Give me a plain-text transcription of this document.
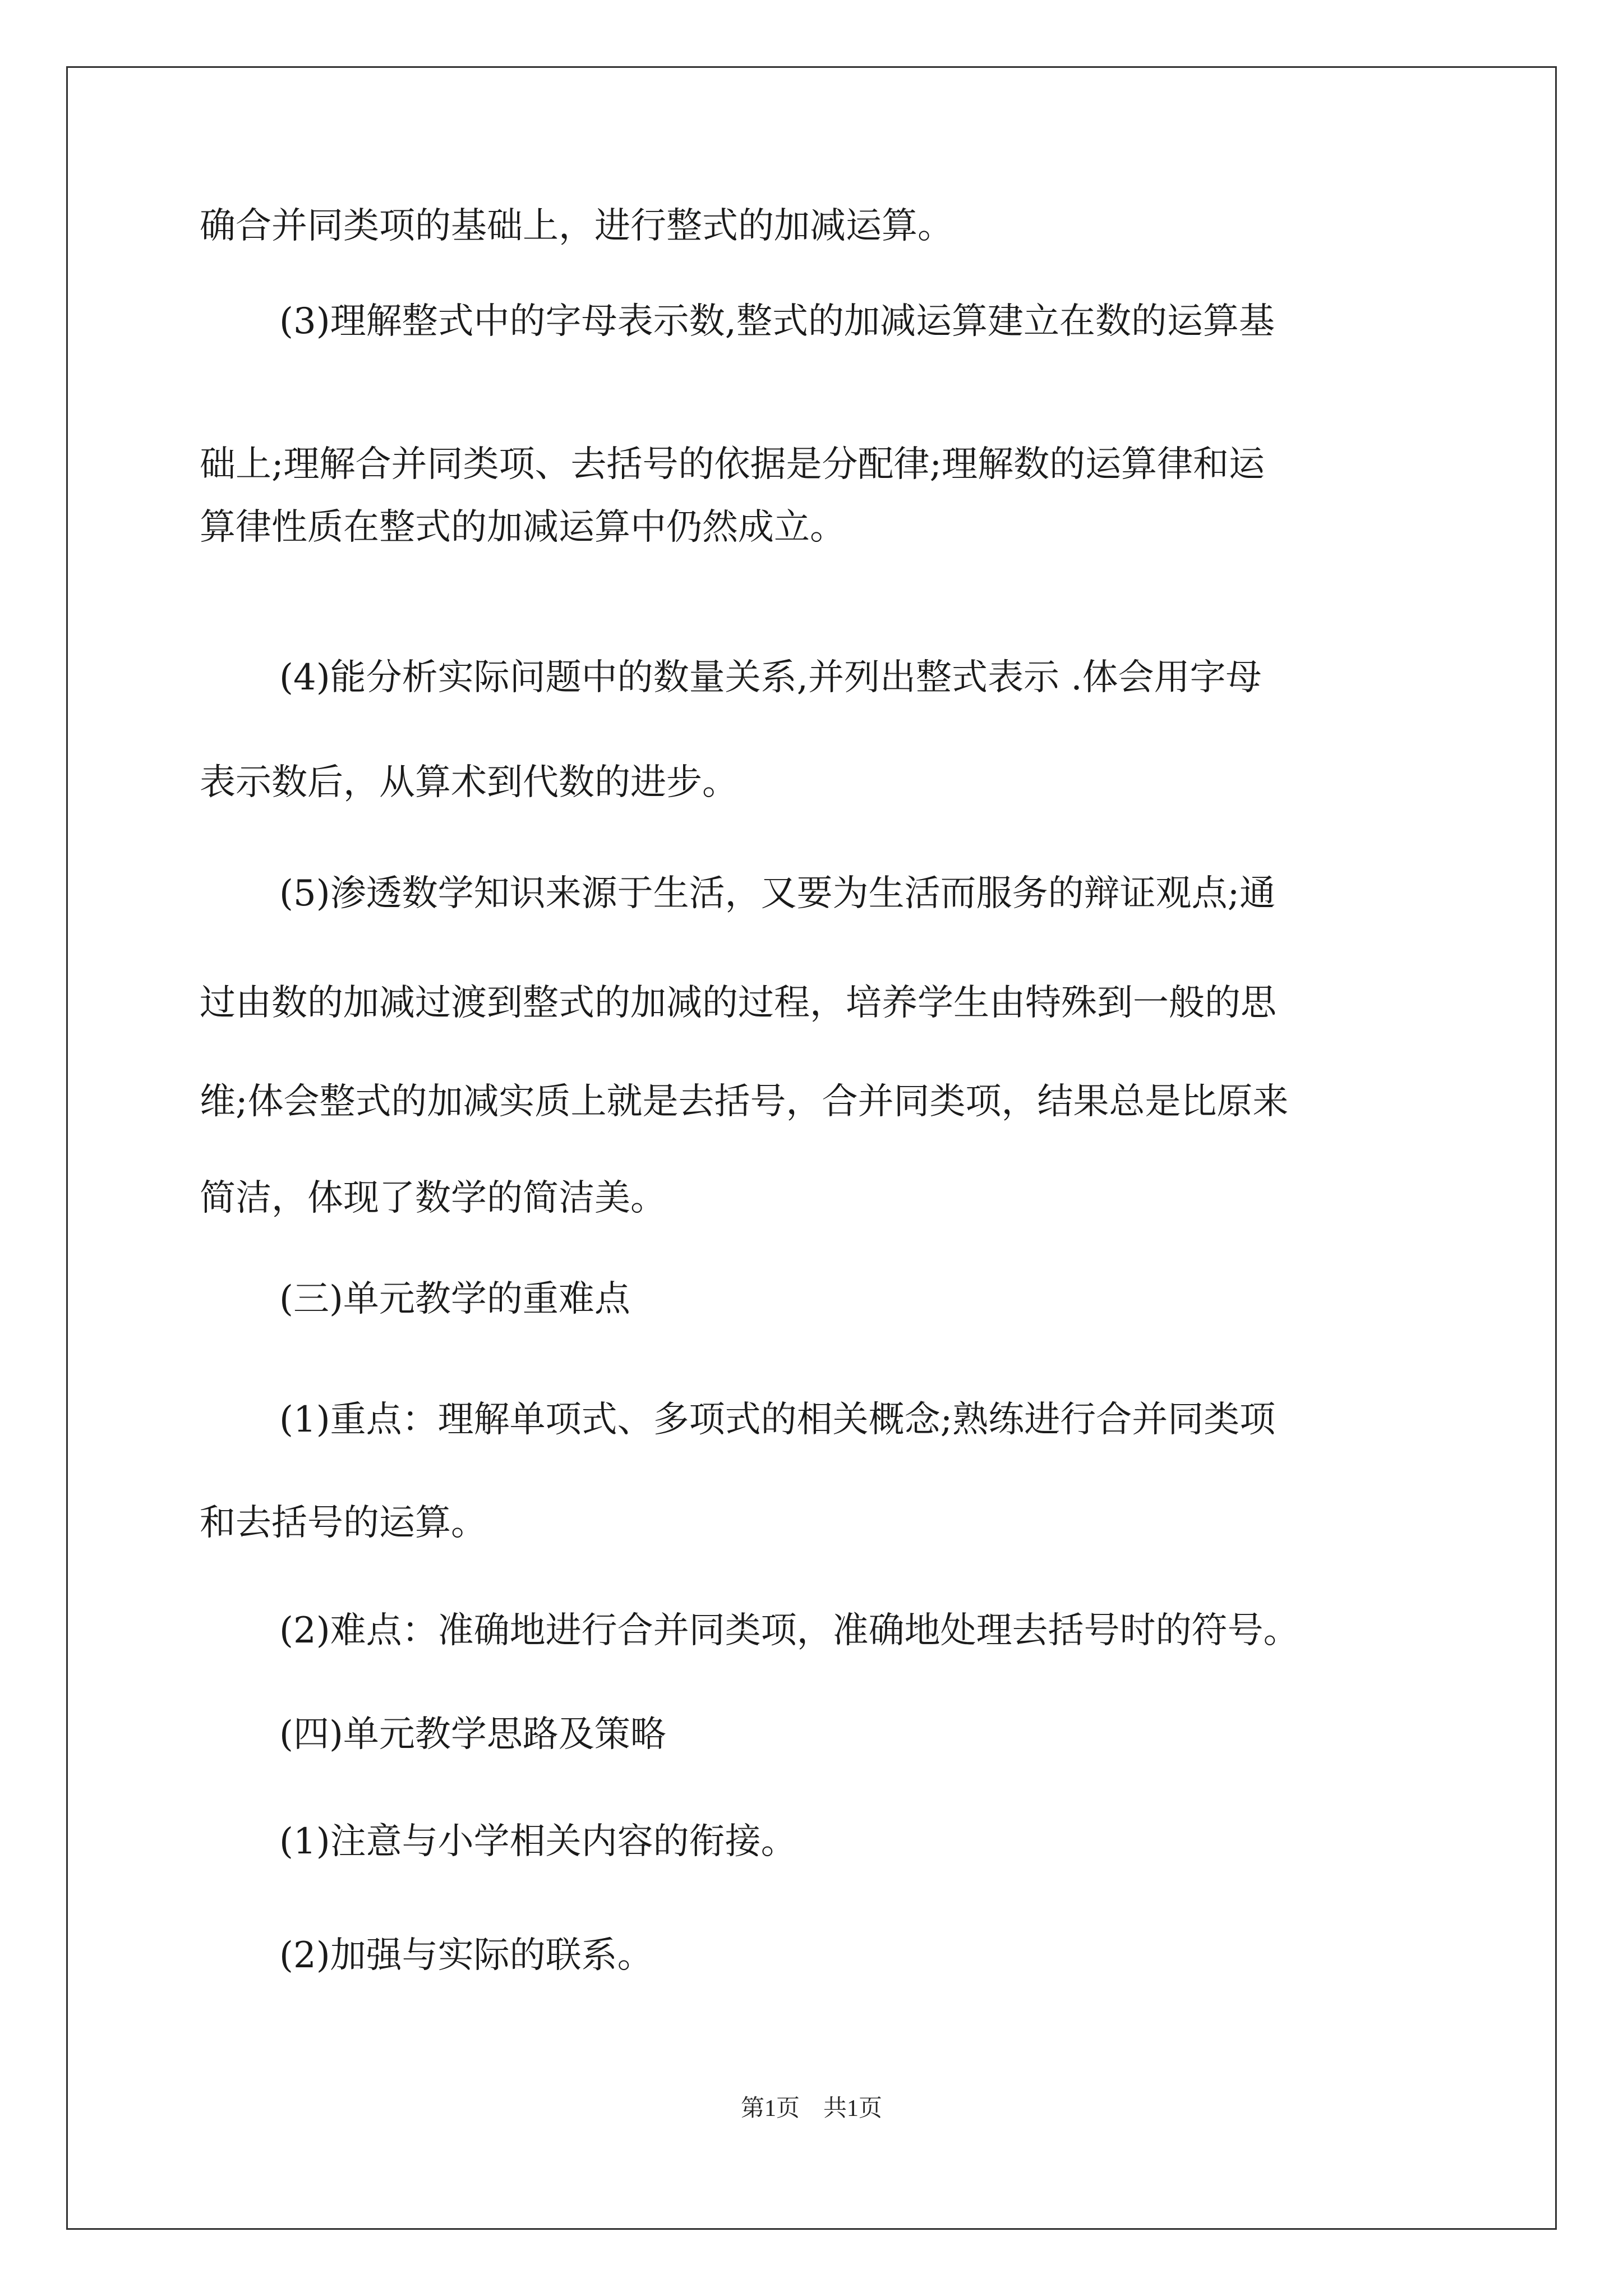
确合并同类项的基础上，进行整式的加减运算。
(3)理解整式中的字母表示数,整式的加减运算建立在数的运算基
础上;理解合并同类项、去括号的依据是分配律;理解数的运算律和运
算律性质在整式的加减运算中仍然成立。
(4)能分析实际问题中的数量关系,并列出整式表示 .体会用字母
表示数后，从算术到代数的进步。
(5)渗透数学知识来源于生活，又要为生活而服务的辩证观点;通
过由数的加减过渡到整式的加减的过程，培养学生由特殊到一般的思
维;体会整式的加减实质上就是去括号，合并同类项，结果总是比原来
简洁，体现了数学的简洁美。
(三)单元教学的重难点
(1)重点：理解单项式、多项式的相关概念;熟练进行合并同类项
和去括号的运算。
(2)难点：准确地进行合并同类项，准确地处理去括号时的符号。
(四)单元教学思路及策略
(1)注意与小学相关内容的衔接。
(2)加强与实际的联系。
第1页　共1页
